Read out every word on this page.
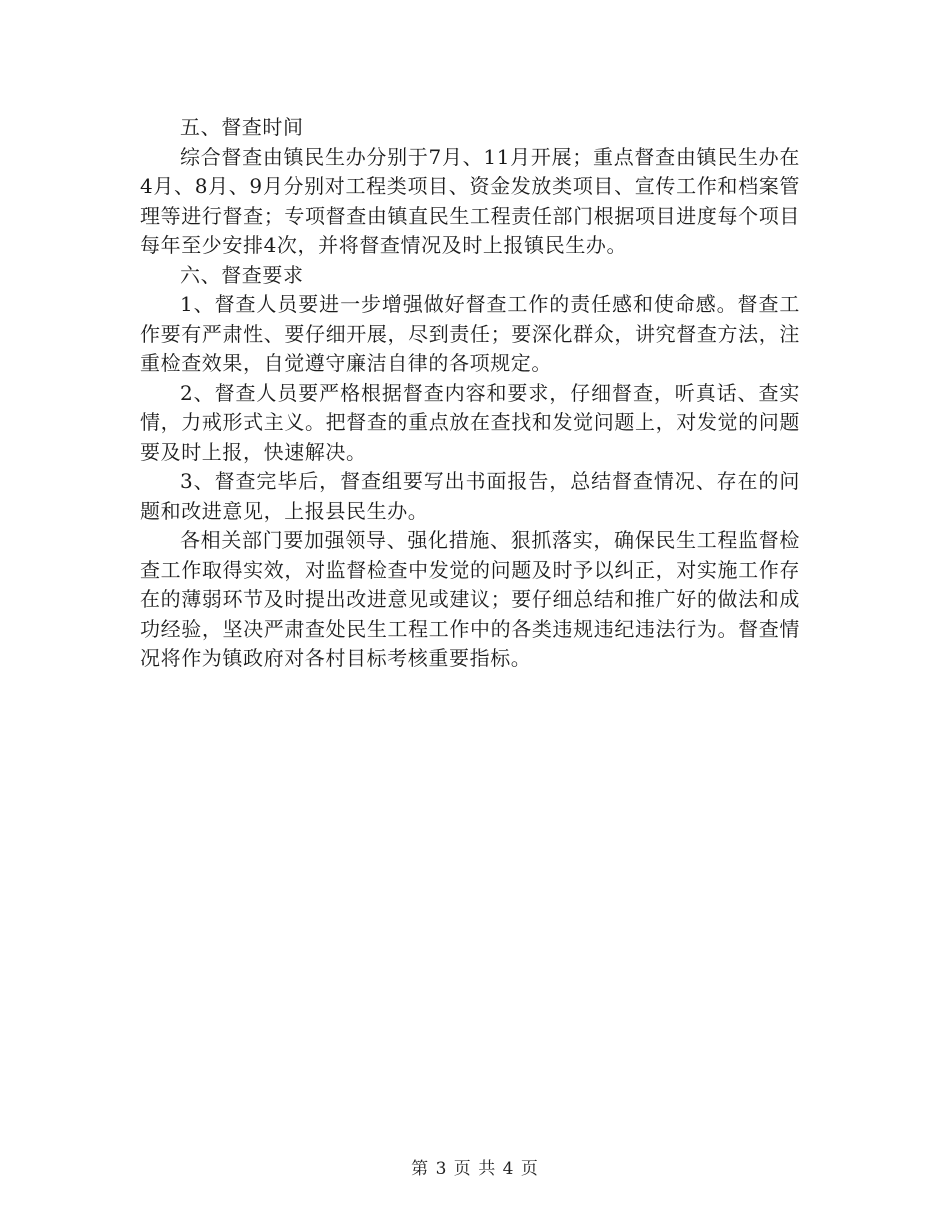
五、督查时间

综合督查由镇民生办分别于7月、11月开展；重点督查由镇民生办在4月、8月、9月分别对工程类项目、资金发放类项目、宣传工作和档案管理等进行督查；专项督查由镇直民生工程责任部门根据项目进度每个项目每年至少安排4次，并将督查情况及时上报镇民生办。

六、督查要求

1、督查人员要进一步增强做好督查工作的责任感和使命感。督查工作要有严肃性、要仔细开展，尽到责任；要深化群众，讲究督查方法，注重检查效果，自觉遵守廉洁自律的各项规定。

2、督查人员要严格根据督查内容和要求，仔细督查，听真话、查实情，力戒形式主义。把督查的重点放在查找和发觉问题上，对发觉的问题要及时上报，快速解决。

3、督查完毕后，督查组要写出书面报告，总结督查情况、存在的问题和改进意见，上报县民生办。

各相关部门要加强领导、强化措施、狠抓落实，确保民生工程监督检查工作取得实效，对监督检查中发觉的问题及时予以纠正，对实施工作存在的薄弱环节及时提出改进意见或建议；要仔细总结和推广好的做法和成功经验，坚决严肃查处民生工程工作中的各类违规违纪违法行为。督查情况将作为镇政府对各村目标考核重要指标。

第 3 页 共 4 页
